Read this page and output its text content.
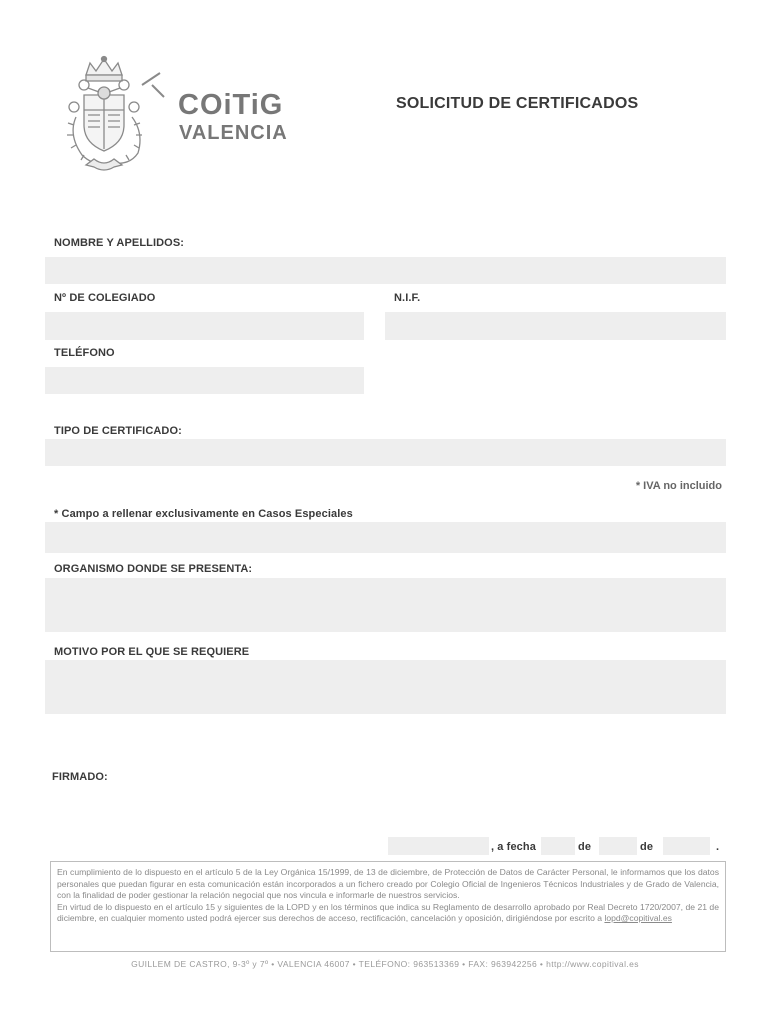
COiTiG
VALENCIA
SOLICITUD DE CERTIFICADOS
NOMBRE Y APELLIDOS:
Nº DE COLEGIADO	N.I.F.
TELÉFONO
TIPO DE CERTIFICADO:
* IVA no incluido
* Campo a rellenar exclusivamente en Casos Especiales
ORGANISMO DONDE SE PRESENTA:
MOTIVO POR EL QUE SE REQUIERE
FIRMADO:
, a fecha	de	de	.
En cumplimiento de lo dispuesto en el artículo 5 de la Ley Orgánica 15/1999, de 13 de diciembre, de Protección de Datos de Carácter Personal, le informamos que los datos personales que puedan figurar en esta comunicación están incorporados a un fichero creado por Colegio Oficial de Ingenieros Técnicos Industriales y de Grado de Valencia, con la finalidad de poder gestionar la relación negocial que nos vincula e informarle de nuestros servicios.
En virtud de lo dispuesto en el artículo 15 y siguientes de la LOPD y en los términos que indica su Reglamento de desarrollo aprobado por Real Decreto 1720/2007, de 21 de diciembre, en cualquier momento usted podrá ejercer sus derechos de acceso, rectificación, cancelación y oposición, dirigiéndose por escrito a lopd@copitival.es
GUILLEM DE CASTRO, 9-3º y 7º • VALENCIA 46007 • TELÉFONO: 963513369 • FAX: 963942256 • http://www.copitival.es
